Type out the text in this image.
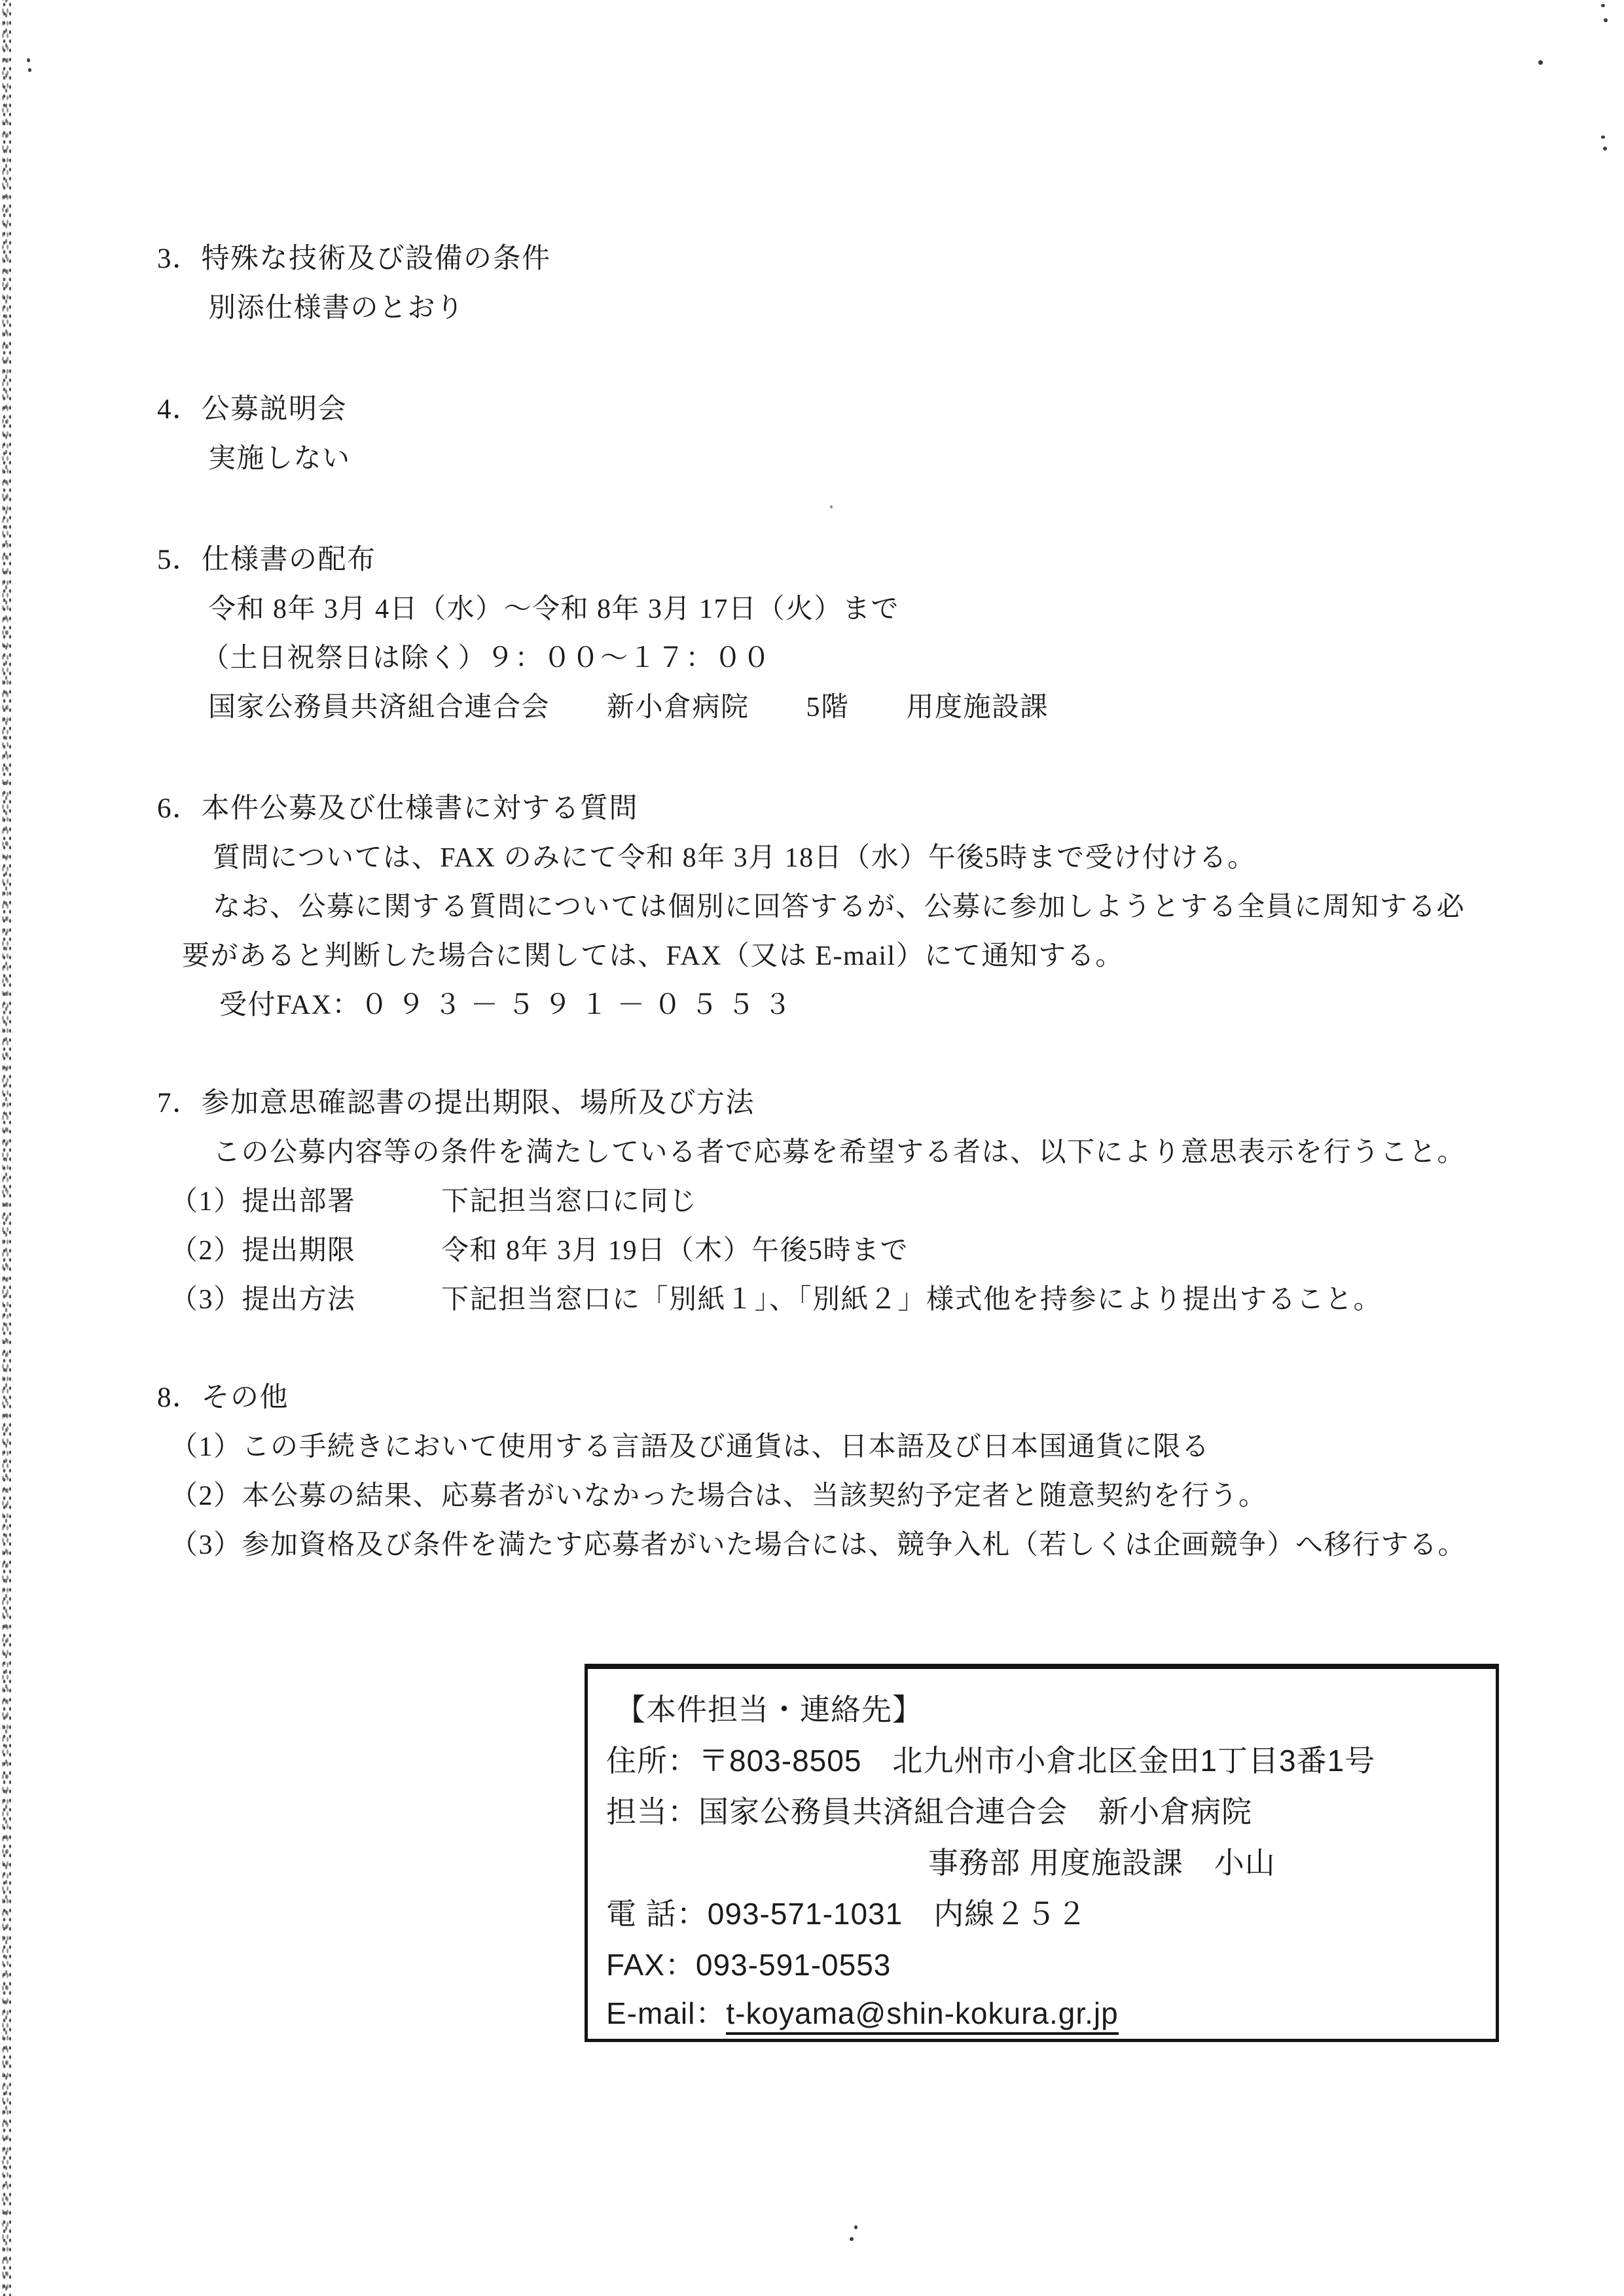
3．特殊な技術及び設備の条件
別添仕様書のとおり
4．公募説明会
実施しない
5．仕様書の配布
令和 8年 3月 4日（水）～令和 8年 3月 17日（火）まで
（土日祝祭日は除く）９：００～１７：００
国家公務員共済組合連合会　　新小倉病院　　5階　　用度施設課
6．本件公募及び仕様書に対する質問
質問については、FAX のみにて令和 8年 3月 18日（水）午後5時まで受け付ける。
なお、公募に関する質問については個別に回答するが、公募に参加しようとする全員に周知する必
要があると判断した場合に関しては、FAX（又は E-mail）にて通知する。
受付FAX：０９３－５９１－０５５３
7．参加意思確認書の提出期限、場所及び方法
この公募内容等の条件を満たしている者で応募を希望する者は、以下により意思表示を行うこと。
（1）提出部署　　　下記担当窓口に同じ
（2）提出期限　　　令和 8年 3月 19日（木）午後5時まで
（3）提出方法　　　下記担当窓口に「別紙１」、「別紙２」様式他を持参により提出すること。
8．その他
（1）この手続きにおいて使用する言語及び通貨は、日本語及び日本国通貨に限る
（2）本公募の結果、応募者がいなかった場合は、当該契約予定者と随意契約を行う。
（3）参加資格及び条件を満たす応募者がいた場合には、競争入札（若しくは企画競争）へ移行する。
【本件担当・連絡先】
住所：〒803-8505　北九州市小倉北区金田1丁目3番1号
担当：国家公務員共済組合連合会　新小倉病院
事務部 用度施設課　小山
電 話：093-571-1031　内線２５２
FAX：093-591-0553
E-mail：t-koyama@shin-kokura.gr.jp
